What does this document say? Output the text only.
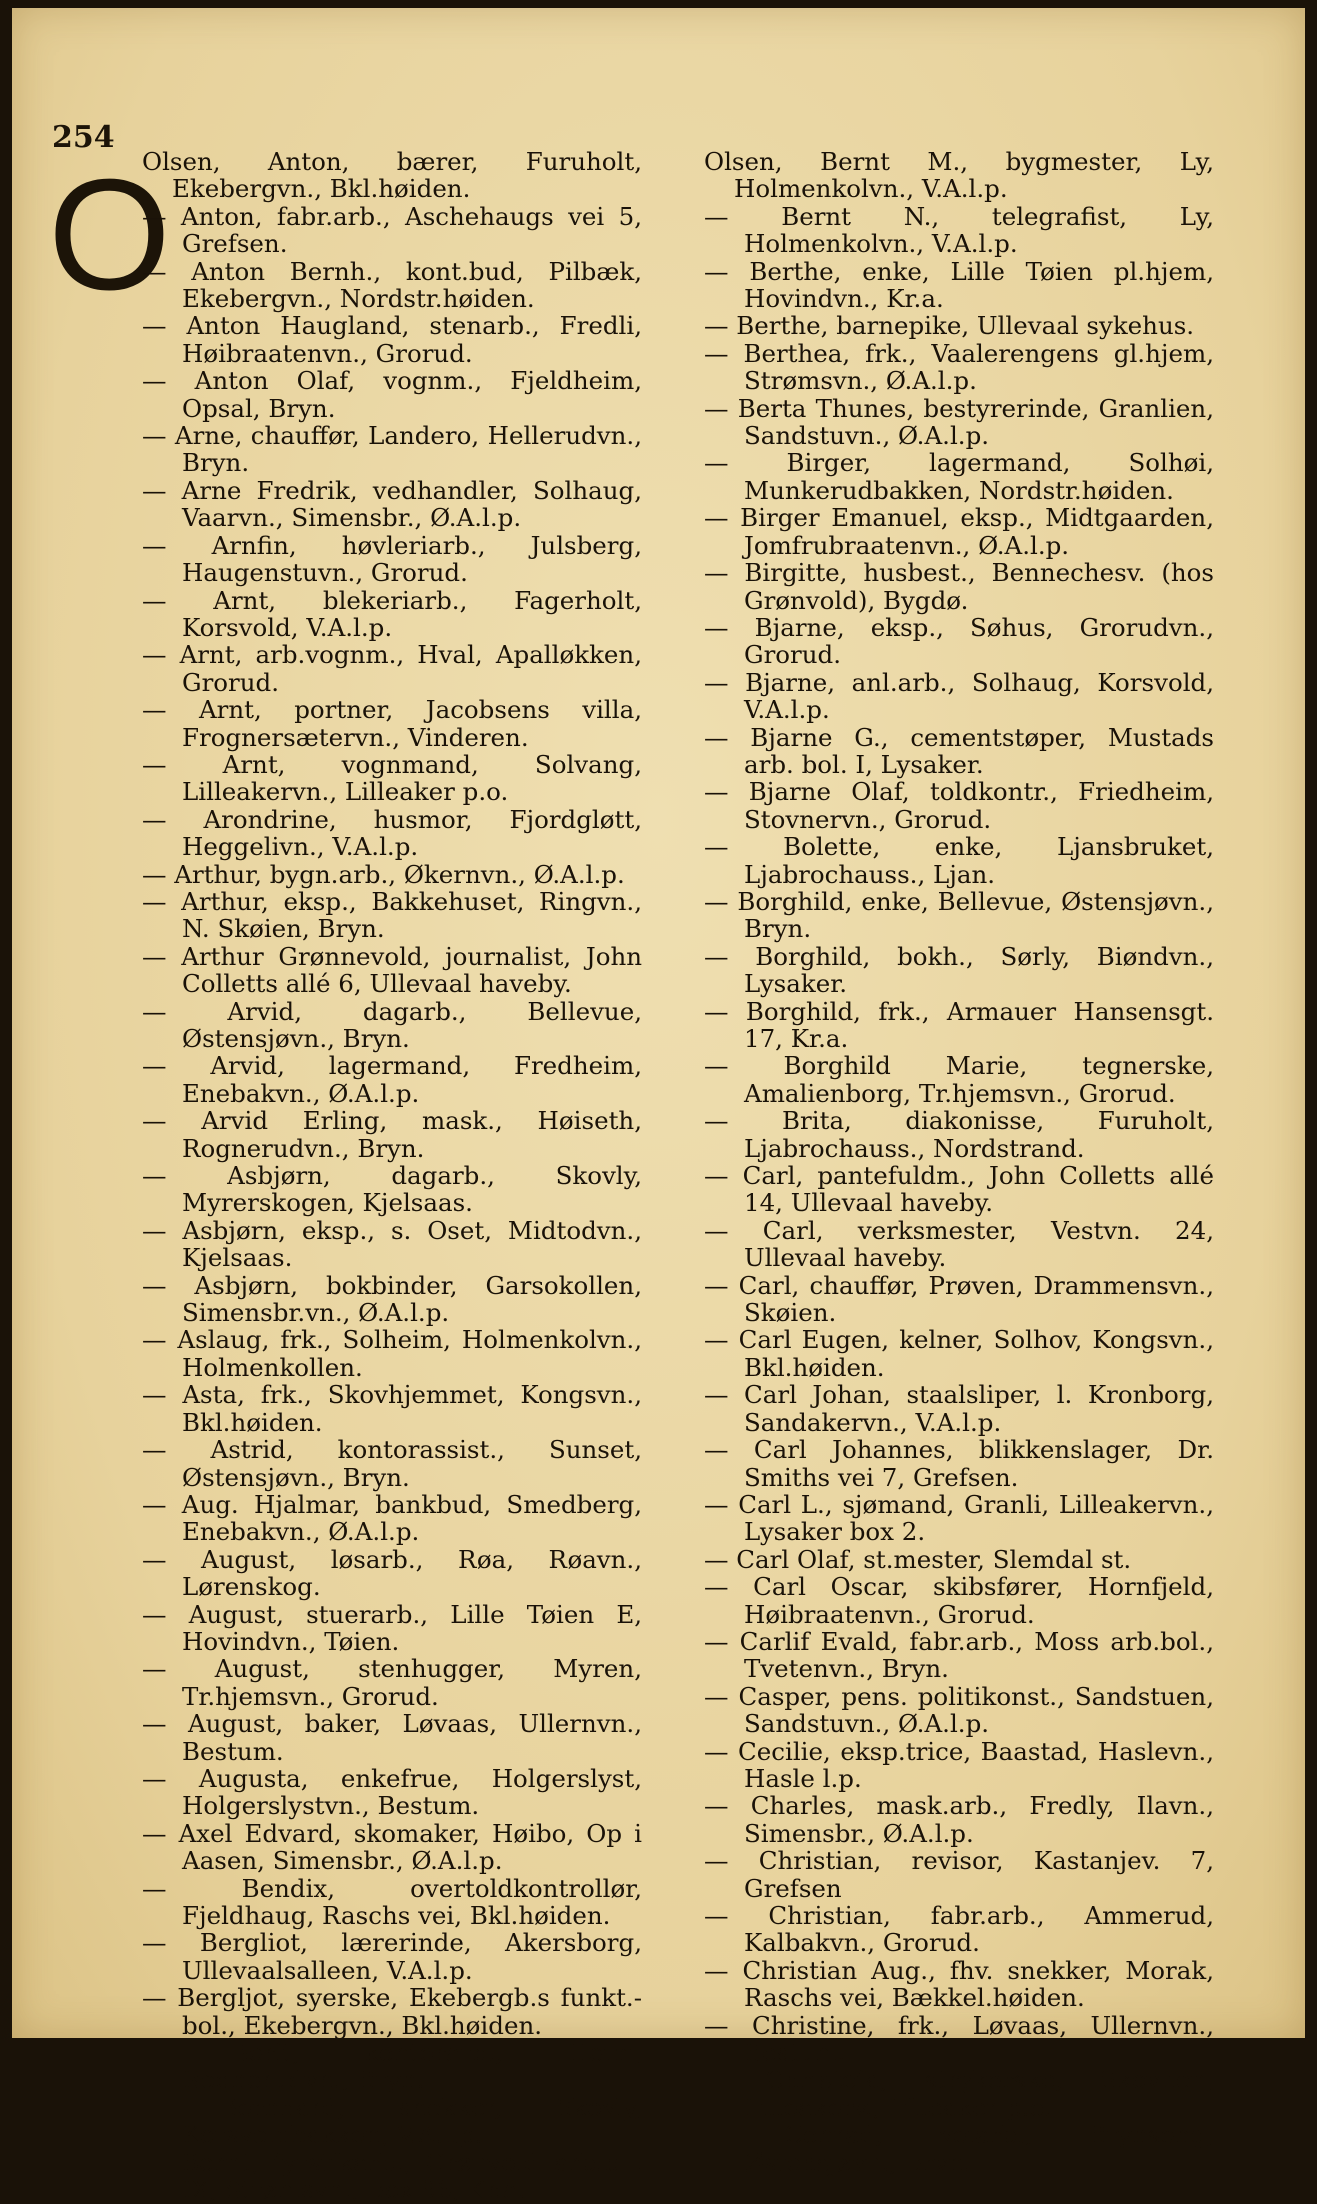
254
O

Olsen, Anton, bærer, Furuholt, Ekebergvn., Bkl.høiden.

— Anton, fabr.arb., Aschehaugs vei 5, Grefsen.

— Anton Bernh., kont.bud, Pilbæk, Ekebergvn., Nordstr.høiden.

— Anton Haugland, stenarb., Fredli, Høibraatenvn., Grorud.

— Anton Olaf, vognm., Fjeldheim, Opsal, Bryn.

— Arne, chauffør, Landero, Hellerudvn., Bryn.

— Arne Fredrik, vedhandler, Solhaug, Vaarvn., Simensbr., Ø.A.l.p.

— Arnfin, høvleriarb., Julsberg, Haugenstuvn., Grorud.

— Arnt, blekeriarb., Fagerholt, Korsvold, V.A.l.p.

— Arnt, arb.vognm., Hval, Apalløkken, Grorud.

— Arnt, portner, Jacobsens villa, Frognersætervn., Vinderen.

— Arnt, vognmand, Solvang, Lilleakervn., Lilleaker p.o.

— Arondrine, husmor, Fjordgløtt, Heggelivn., V.A.l.p.

— Arthur, bygn.arb., Økernvn., Ø.A.l.p.

— Arthur, eksp., Bakkehuset, Ringvn., N. Skøien, Bryn.

— Arthur Grønnevold, journalist, John Colletts allé 6, Ullevaal haveby.

— Arvid, dagarb., Bellevue, Østensjøvn., Bryn.

— Arvid, lagermand, Fredheim, Enebakvn., Ø.A.l.p.

— Arvid Erling, mask., Høiseth, Rognerudvn., Bryn.

— Asbjørn, dagarb., Skovly, Myrerskogen, Kjelsaas.

— Asbjørn, eksp., s. Oset, Midtodvn., Kjelsaas.

— Asbjørn, bokbinder, Garsokollen, Simensbr.vn., Ø.A.l.p.

— Aslaug, frk., Solheim, Holmenkolvn., Holmenkollen.

— Asta, frk., Skovhjemmet, Kongsvn., Bkl.høiden.

— Astrid, kontorassist., Sunset, Østensjøvn., Bryn.

— Aug. Hjalmar, bankbud, Smedberg, Enebakvn., Ø.A.l.p.

— August, løsarb., Røa, Røavn., Lørenskog.

— August, stuerarb., Lille Tøien E, Hovindvn., Tøien.

— August, stenhugger, Myren, Tr.hjemsvn., Grorud.

— August, baker, Løvaas, Ullernvn., Bestum.

— Augusta, enkefrue, Holgerslyst, Holgerslystvn., Bestum.

— Axel Edvard, skomaker, Høibo, Op i Aasen, Simensbr., Ø.A.l.p.

— Bendix, overtoldkontrollør, Fjeldhaug, Raschs vei, Bkl.høiden.

— Bergliot, lærerinde, Akersborg, Ullevaalsalleen, V.A.l.p.

— Bergljot, syerske, Ekebergb.s funkt.-bol., Ekebergvn., Bkl.høiden.

— Berit, kontorarb., Heim, Rognerudvn., Bryn.

— Bernhard, snekker, Skovly, Korsvoldbakken, V.A.l.p.

— Bernt, fyrstikarb., Grønvold arb.b . IX, Strømsvn., Box 96, Kr.a.

Olsen, Bernt M., bygmester, Ly, Holmenkolvn., V.A.l.p.

— Bernt N., telegrafist, Ly, Holmenkolvn., V.A.l.p.

— Berthe, enke, Lille Tøien pl.hjem, Hovindvn., Kr.a.

— Berthe, barnepike, Ullevaal sykehus.

— Berthea, frk., Vaalerengens gl.hjem, Strømsvn., Ø.A.l.p.

— Berta Thunes, bestyrerinde, Granlien, Sandstuvn., Ø.A.l.p.

— Birger, lagermand, Solhøi, Munkerudbakken, Nordstr.høiden.

— Birger Emanuel, eksp., Midtgaarden, Jomfrubraatenvn., Ø.A.l.p.

— Birgitte, husbest., Bennechesv. (hos Grønvold), Bygdø.

— Bjarne, eksp., Søhus, Grorudvn., Grorud.

— Bjarne, anl.arb., Solhaug, Korsvold, V.A.l.p.

— Bjarne G., cementstøper, Mustads arb. bol. I, Lysaker.

— Bjarne Olaf, toldkontr., Friedheim, Stovnervn., Grorud.

— Bolette, enke, Ljansbruket, Ljabrochauss., Ljan.

— Borghild, enke, Bellevue, Østensjøvn., Bryn.

— Borghild, bokh., Sørly, Biøndvn., Lysaker.

— Borghild, frk., Armauer Hansensgt. 17, Kr.a.

— Borghild Marie, tegnerske, Amalienborg, Tr.hjemsvn., Grorud.

— Brita, diakonisse, Furuholt, Ljabrochauss., Nordstrand.

— Carl, pantefuldm., John Colletts allé 14, Ullevaal haveby.

— Carl, verksmester, Vestvn. 24, Ullevaal haveby.

— Carl, chauffør, Prøven, Drammensvn., Skøien.

— Carl Eugen, kelner, Solhov, Kongsvn., Bkl.høiden.

— Carl Johan, staalsliper, l. Kronborg, Sandakervn., V.A.l.p.

— Carl Johannes, blikkenslager, Dr. Smiths vei 7, Grefsen.

— Carl L., sjømand, Granli, Lilleakervn., Lysaker box 2.

— Carl Olaf, st.mester, Slemdal st.

— Carl Oscar, skibsfører, Hornfjeld, Høibraatenvn., Grorud.

— Carlif Evald, fabr.arb., Moss arb.bol., Tvetenvn., Bryn.

— Casper, pens. politikonst., Sandstuen, Sandstuvn., Ø.A.l.p.

— Cecilie, eksp.trice, Baastad, Haslevn., Hasle l.p.

— Charles, mask.arb., Fredly, Ilavn., Simensbr., Ø.A.l.p.

— Christian, revisor, Kastanjev. 7, Grefsen

— Christian, fabr.arb., Ammerud, Kalbakvn., Grorud.

— Christian Aug., fhv. snekker, Morak, Raschs vei, Bækkel.høiden.

— Christine, frk., Løvaas, Ullernvn., Bestum.

— Christofa, strykerske, Skovlien, Lilleakerv., Lilleaker p.o.

— Conrad, veiarb., Brynseng, Østensjøvn., Bryn.
